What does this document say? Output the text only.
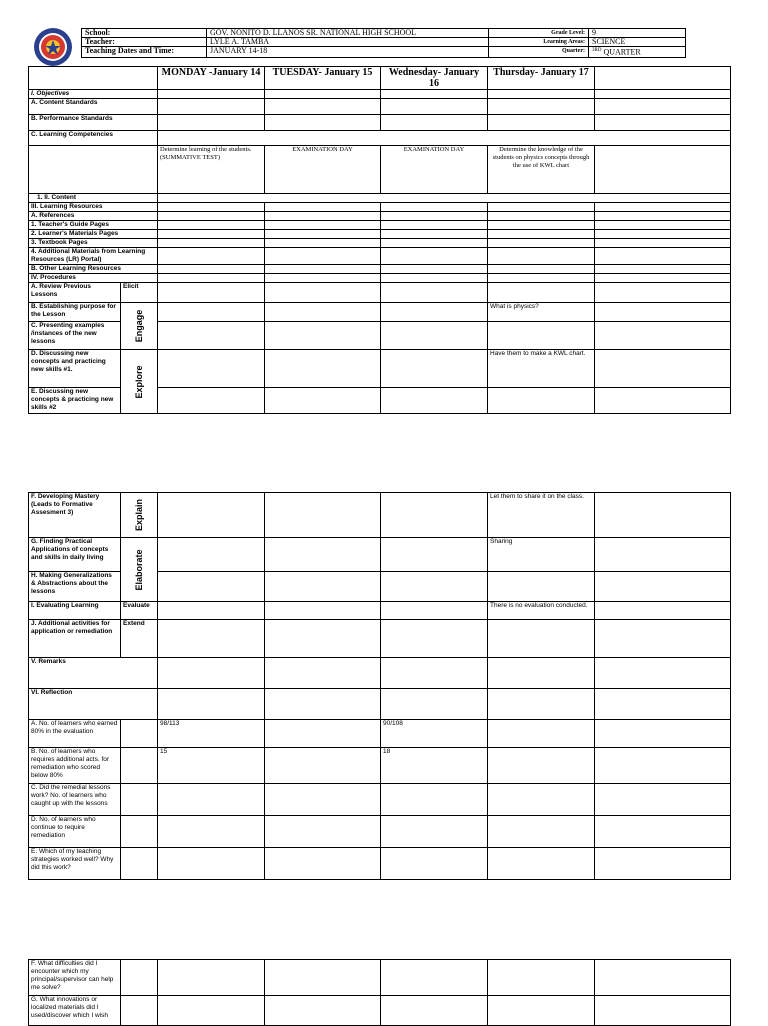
School:	GOV. NONITO D. LLANOS SR. NATIONAL HIGH SCHOOL	Grade Level:	9
Teacher:	LYLE A. TAMBA	Learning Areas:	SCIENCE
Teaching Dates and Time:	JANUARY 14-18	Quarter:	$^{3RD}$ QUARTER
		MONDAY -January 14	TUESDAY- January 15	Wednesday- January 16	Thursday- January 17	
I. Objectives						
A. Content Standards						
B. Performance Standards						
C. Learning Competencies						
		Determine learning of the students. (SUMMATIVE TEST)	EXAMINATION DAY	EXAMINATION DAY	Determine the knowledge of the students on physics concepts through the use of KWL chart	
1. II. Content						
III. Learning Resources						
A. References						
1. Teacher's Guide Pages						
2. Learner's Materials Pages						
3. Textbook Pages						
4. Additional Materials from Learning Resources (LR) Portal)						
B. Other Learning Resources						
IV. Procedures						
A. Review Previous Lessons	Elicit					
B. Establishing purpose for the Lesson	Engage				What is physics?	
C. Presenting examples /instances of the new lessons						
D. Discussing new concepts and practicing new skills #1.	Explore				Have them to make a KWL chart.	
E. Discussing new concepts & practicing new skills #2						
F. Developing Mastery (Leads to Formative Assesment 3)	Explain				Let them to share it on the class.	
G. Finding Practical Applications of concepts and skills in daily living	Elaborate				Sharing	
H. Making Generalizations & Abstractions about the lessons						
I. Evaluating Learning	Evaluate				There is no evaluation conducted.	
J. Additional activities for application or remediation	Extend					
V. Remarks						
VI. Reflection						
A. No. of learners who earned 80% in the evaluation		98/113		90/108		
B. No. of learners who requires additional acts. for remediation who scored below 80%		15		18		
C. Did the remedial lessons work? No. of learners who caught up with the lessons						
D. No. of learners who continue to require remediation						
E. Which of my teaching strategies worked well? Why did this work?						
F. What difficulties did I encounter which my principal/supervisor can help me solve?						
G. What innovations or localized materials did I used/discover which I wish						
